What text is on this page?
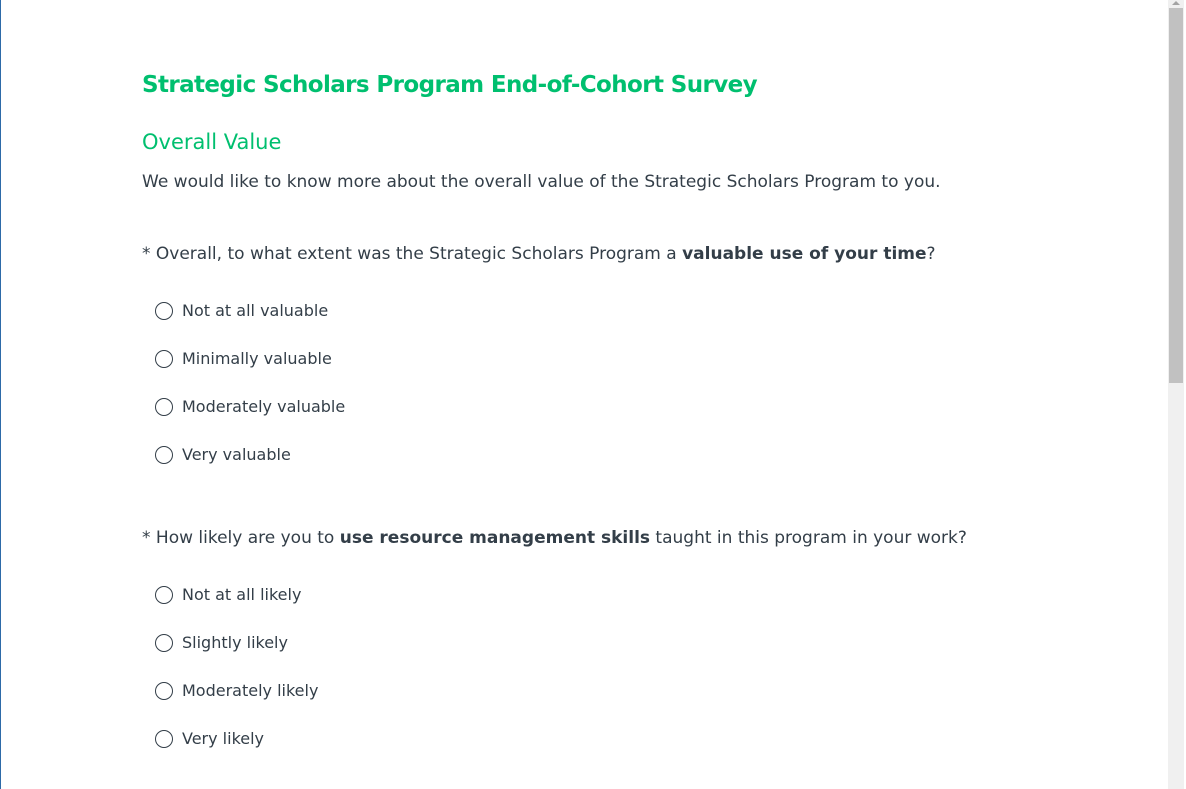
Strategic Scholars Program End-of-Cohort Survey
Overall Value

We would like to know more about the overall value of the Strategic Scholars Program to you.

* Overall, to what extent was the Strategic Scholars Program a valuable use of your time?

Not at all valuable
Minimally valuable
Moderately valuable
Very valuable

* How likely are you to use resource management skills taught in this program in your work?

Not at all likely
Slightly likely
Moderately likely
Very likely
